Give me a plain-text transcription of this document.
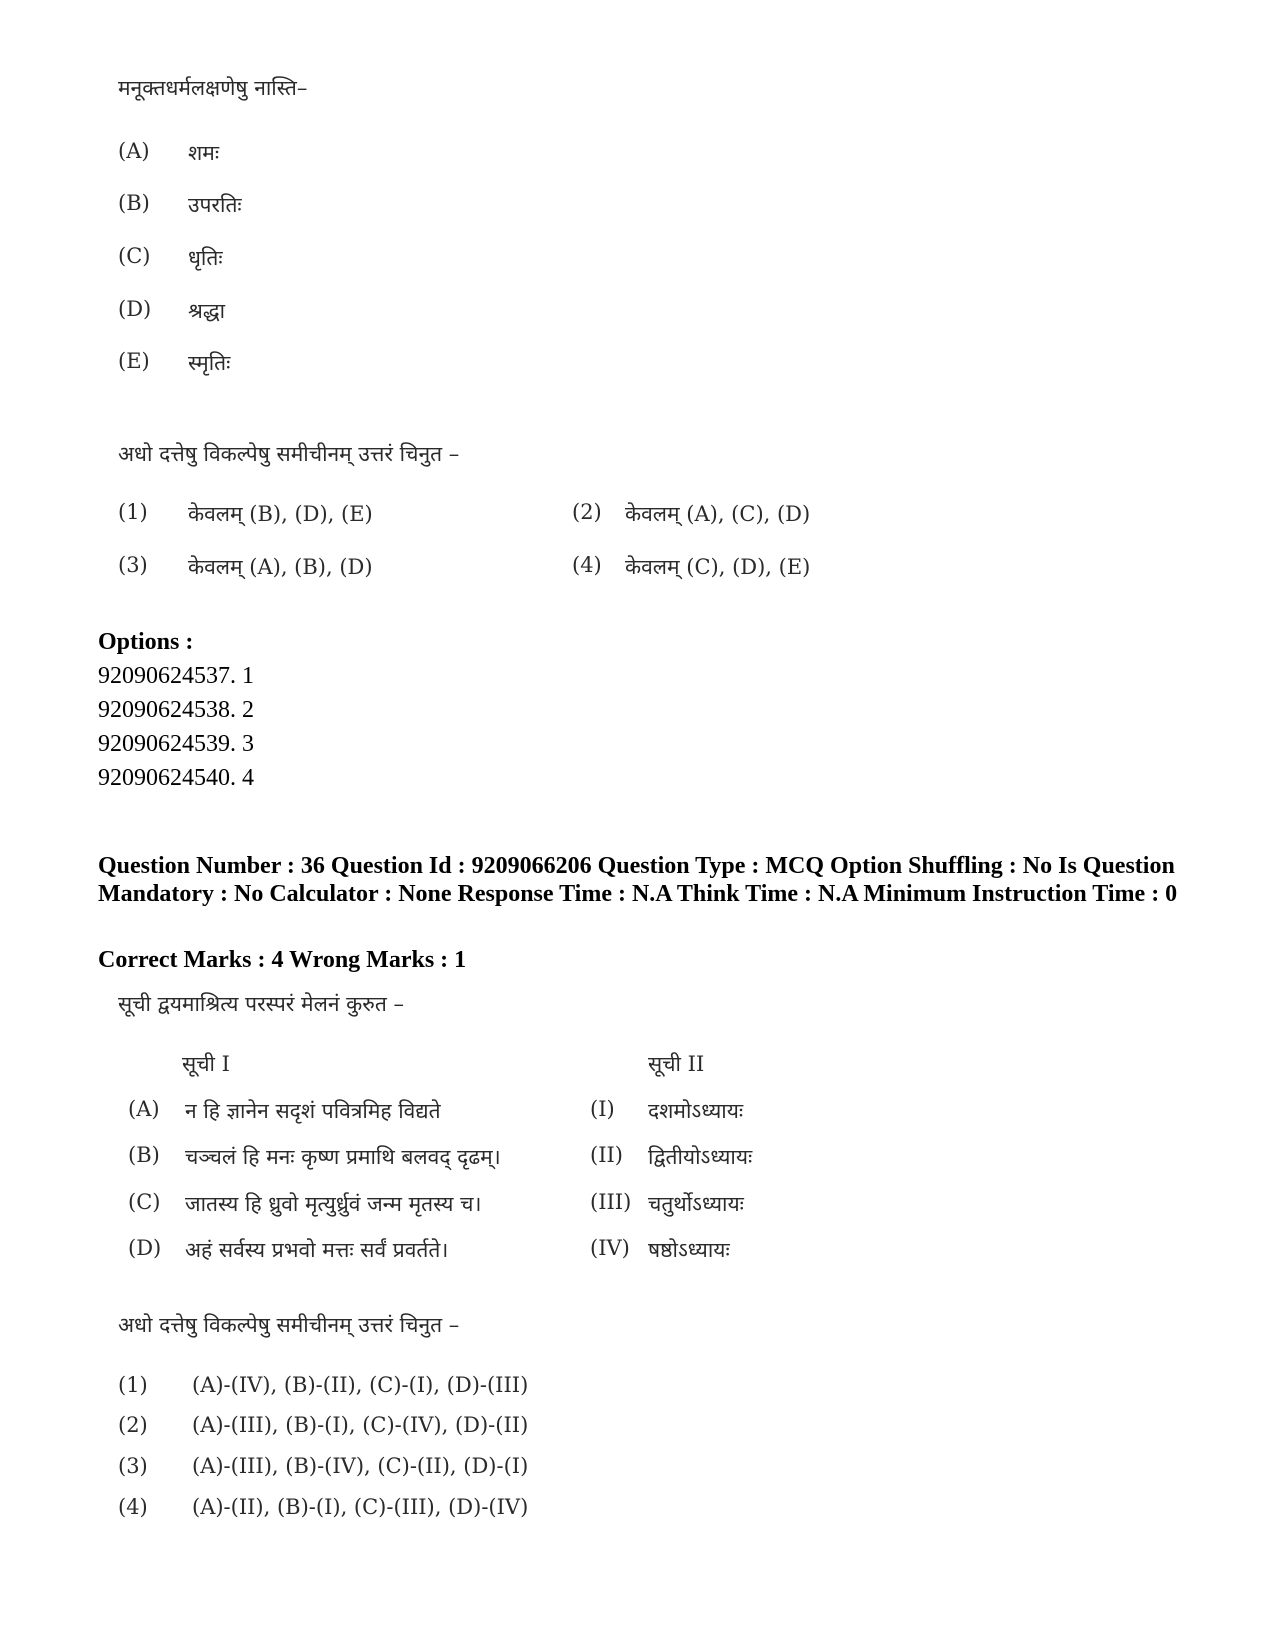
मनूक्तधर्मलक्षणेषु नास्ति–
(A) शमः
(B) उपरतिः
(C) धृतिः
(D) श्रद्धा
(E) स्मृतिः
अधो दत्तेषु विकल्पेषु समीचीनम् उत्तरं चिनुत –
(1) केवलम् (B), (D), (E)	(2) केवलम् (A), (C), (D)
(3) केवलम् (A), (B), (D)	(4) केवलम् (C), (D), (E)
Options :
92090624537. 1
92090624538. 2
92090624539. 3
92090624540. 4
Question Number : 36 Question Id : 9209066206 Question Type : MCQ Option Shuffling : No Is Question Mandatory : No Calculator : None Response Time : N.A Think Time : N.A Minimum Instruction Time : 0
Correct Marks : 4 Wrong Marks : 1
सूची द्वयमाश्रित्य परस्परं मेलनं कुरुत –
सूची I	सूची II
(A) न हि ज्ञानेन सदृशं पवित्रमिह विद्यते	(I) दशमोऽध्यायः
(B) चञ्चलं हि मनः कृष्ण प्रमाथि बलवद् दृढम्।	(II) द्वितीयोऽध्यायः
(C) जातस्य हि ध्रुवो मृत्युर्ध्रुवं जन्म मृतस्य च।	(III) चतुर्थोऽध्यायः
(D) अहं सर्वस्य प्रभवो मत्तः सर्वं प्रवर्तते।	(IV) षष्ठोऽध्यायः
अधो दत्तेषु विकल्पेषु समीचीनम् उत्तरं चिनुत –
(1) (A)-(IV), (B)-(II), (C)-(I), (D)-(III)
(2) (A)-(III), (B)-(I), (C)-(IV), (D)-(II)
(3) (A)-(III), (B)-(IV), (C)-(II), (D)-(I)
(4) (A)-(II), (B)-(I), (C)-(III), (D)-(IV)
